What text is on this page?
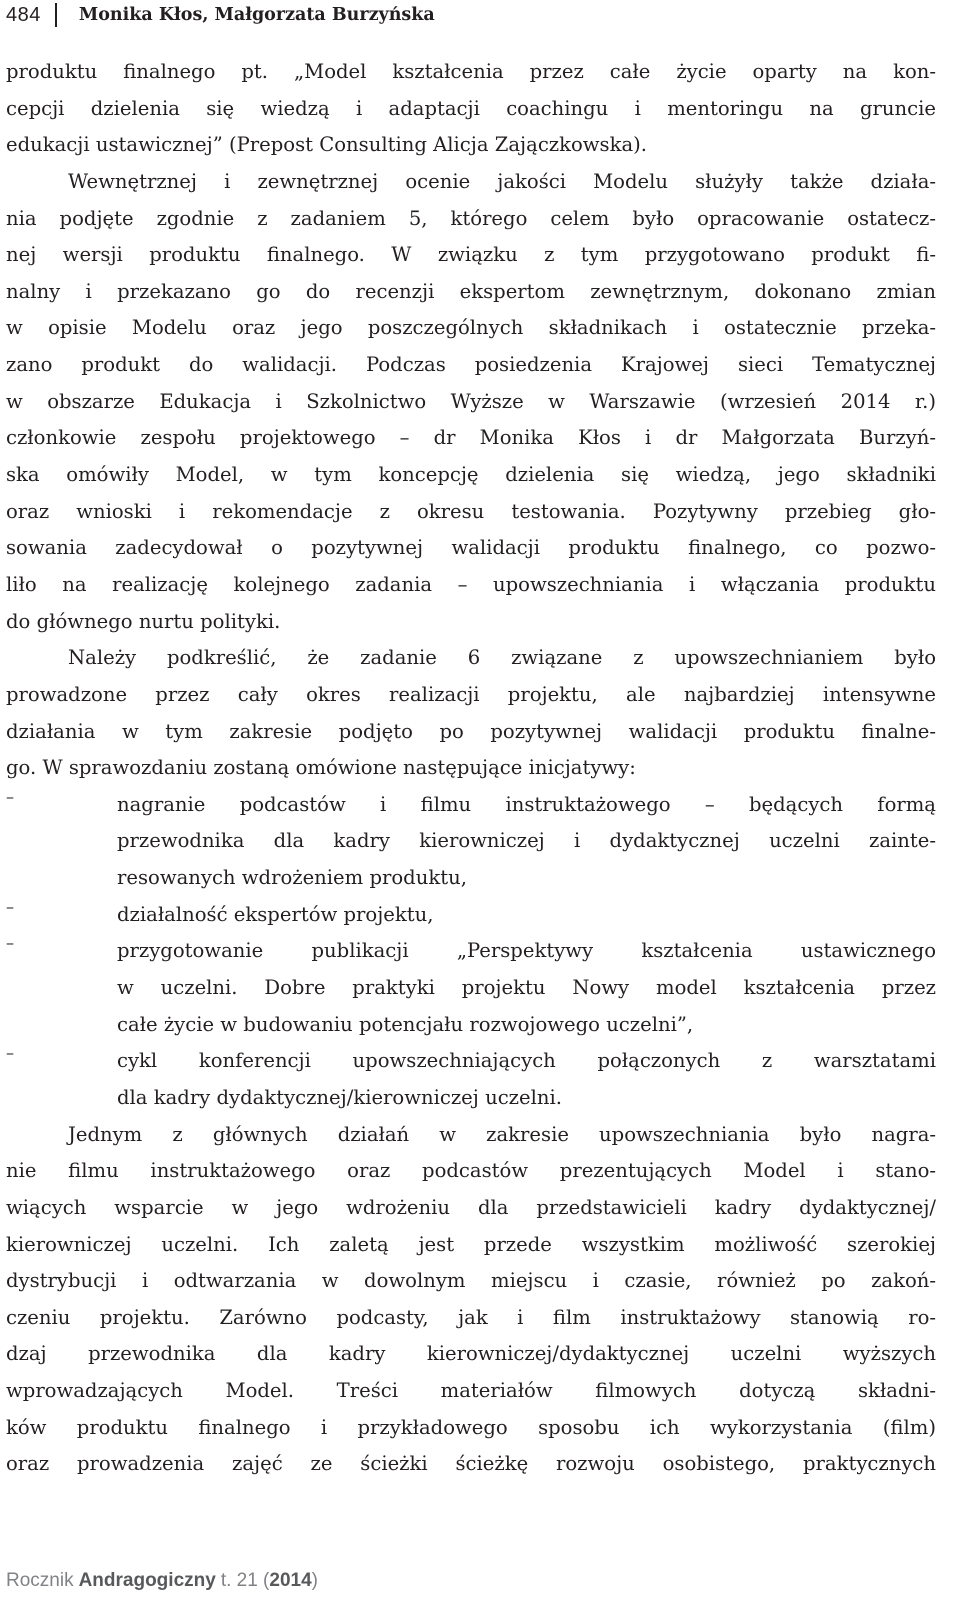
484 Monika Kłos, Małgorzata Burzyńska
produktu finalnego pt. „Model kształcenia przez całe życie oparty na kon-
cepcji dzielenia się wiedzą i adaptacji coachingu i mentoringu na gruncie
edukacji ustawicznej” (Prepost Consulting Alicja Zajączkowska).
Wewnętrznej i zewnętrznej ocenie jakości Modelu służyły także działa-
nia podjęte zgodnie z zadaniem 5, którego celem było opracowanie ostatecz-
nej wersji produktu finalnego. W związku z tym przygotowano produkt fi-
nalny i przekazano go do recenzji ekspertom zewnętrznym, dokonano zmian
w opisie Modelu oraz jego poszczególnych składnikach i ostatecznie przeka-
zano produkt do walidacji. Podczas posiedzenia Krajowej sieci Tematycznej
w obszarze Edukacja i Szkolnictwo Wyższe w Warszawie (wrzesień 2014 r.)
członkowie zespołu projektowego – dr Monika Kłos i dr Małgorzata Burzyń-
ska omówiły Model, w tym koncepcję dzielenia się wiedzą, jego składniki
oraz wnioski i rekomendacje z okresu testowania. Pozytywny przebieg gło-
sowania zadecydował o pozytywnej walidacji produktu finalnego, co pozwo-
liło na realizację kolejnego zadania – upowszechniania i włączania produktu
do głównego nurtu polityki.
Należy podkreślić, że zadanie 6 związane z upowszechnianiem było
prowadzone przez cały okres realizacji projektu, ale najbardziej intensywne
działania w tym zakresie podjęto po pozytywnej walidacji produktu finalne-
go. W sprawozdaniu zostaną omówione następujące inicjatywy:
–	nagranie podcastów i filmu instruktażowego – będących formą
przewodnika dla kadry kierowniczej i dydaktycznej uczelni zainte-
resowanych wdrożeniem produktu,
–	działalność ekspertów projektu,
–	przygotowanie publikacji „Perspektywy kształcenia ustawicznego
w uczelni. Dobre praktyki projektu Nowy model kształcenia przez
całe życie w budowaniu potencjału rozwojowego uczelni”,
–	cykl konferencji upowszechniających połączonych z warsztatami
dla kadry dydaktycznej/kierowniczej uczelni.
Jednym z głównych działań w zakresie upowszechniania było nagra-
nie filmu instruktażowego oraz podcastów prezentujących Model i stano-
wiących wsparcie w jego wdrożeniu dla przedstawicieli kadry dydaktycznej/
kierowniczej uczelni. Ich zaletą jest przede wszystkim możliwość szerokiej
dystrybucji i odtwarzania w dowolnym miejscu i czasie, również po zakoń-
czeniu projektu. Zarówno podcasty, jak i film instruktażowy stanowią ro-
dzaj przewodnika dla kadry kierowniczej/dydaktycznej uczelni wyższych
wprowadzających Model. Treści materiałów filmowych dotyczą składni-
ków produktu finalnego i przykładowego sposobu ich wykorzystania (film)
oraz prowadzenia zajęć ze ścieżki ścieżkę rozwoju osobistego, praktycznych
Rocznik Andragogiczny t. 21 ( 2014 )
